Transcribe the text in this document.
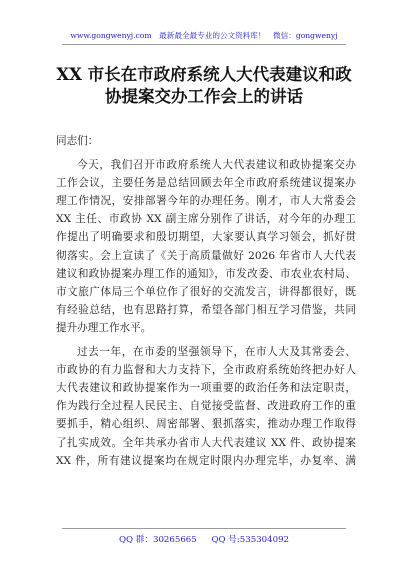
www.gongwenyj.com　最新最全最专业的公文资料库！　微信：gongwenyj
XX 市长在市政府系统人大代表建议和政
协提案交办工作会上的讲话
同志们：
今天，我们召开市政府系统人大代表建议和政协提案交办
工作会议，主要任务是总结回顾去年全市政府系统建议提案办
理工作情况，安排部署今年的办理任务。刚才，市人大常委会
XX 主任、市政协 XX 副主席分别作了讲话，对今年的办理工
作提出了明确要求和殷切期望，大家要认真学习领会，抓好贯
彻落实。会上宣读了《关于高质量做好 2026 年省市人大代表
建议和政协提案办理工作的通知》，市发改委、市农业农村局、
市文旅广体局三个单位作了很好的交流发言，讲得都很好，既
有经验总结，也有思路打算，希望各部门相互学习借鉴，共同
提升办理工作水平。
过去一年，在市委的坚强领导下，在市人大及其常委会、
市政协的有力监督和大力支持下，全市政府系统始终把办好人
大代表建议和政协提案作为一项重要的政治任务和法定职责，
作为践行全过程人民民主、自觉接受监督、改进政府工作的重
要抓手，精心组织、周密部署、狠抓落实，推动办理工作取得
了扎实成效。全年共承办省市人大代表建议 XX 件、政协提案
XX 件，所有建议提案均在规定时限内办理完毕，办复率、满
QQ 群：30265665 QQ 号:535304092
